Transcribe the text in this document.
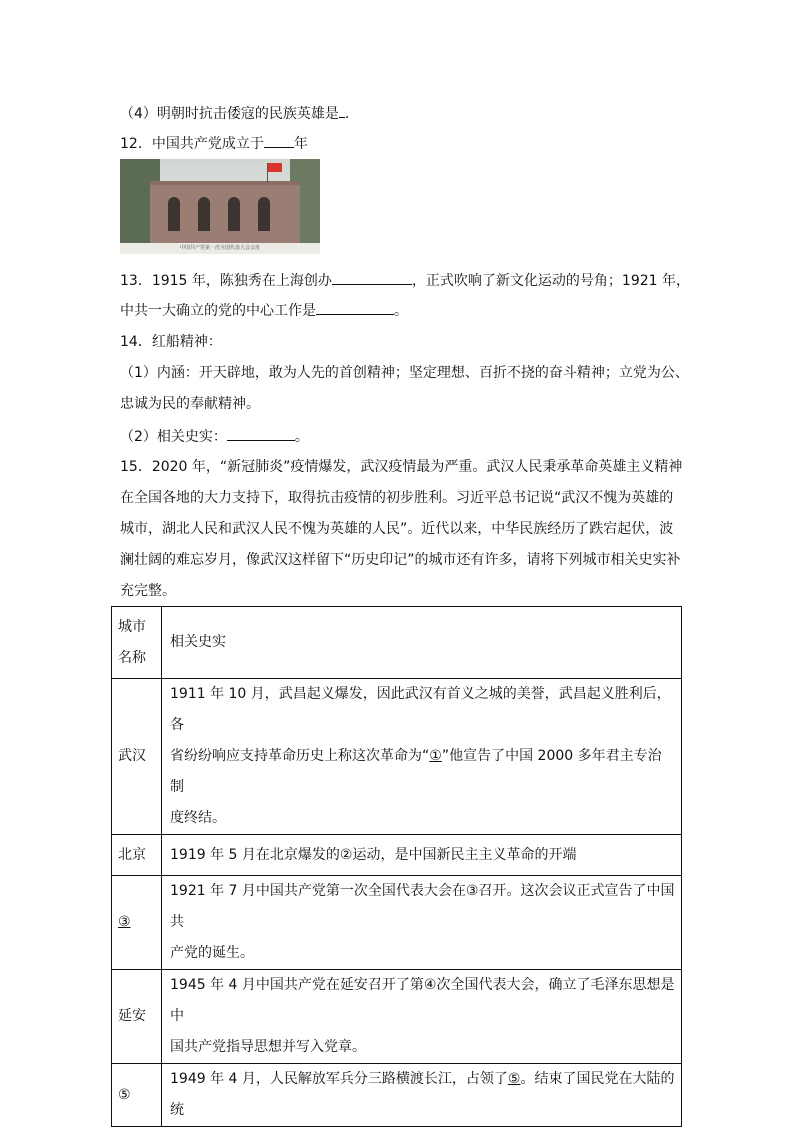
（4）明朝时抗击倭寇的民族英雄是 .
12．中国共产党成立于 年
中国共产党第一次全国代表大会会址
13．1915 年，陈独秀在上海创办	，正式吹响了新文化运动的号角；1921 年，
中共一大确立的党的中心工作是	。
14．红船精神：
（1）内涵：开天辟地，敢为人先的首创精神；坚定理想、百折不挠的奋斗精神；立党为公、
忠诚为民的奉献精神。
（2）相关史实：	。
15．2020 年，“新冠肺炎”疫情爆发，武汉疫情最为严重。武汉人民秉承革命英雄主义精神
在全国各地的大力支持下，取得抗击疫情的初步胜利。习近平总书记说“武汉不愧为英雄的
城市，湖北人民和武汉人民不愧为英雄的人民”。近代以来，中华民族经历了跌宕起伏，波
澜壮阔的难忘岁月，像武汉这样留下“历史印记”的城市还有许多，请将下列城市相关史实补
充完整。
城市
名称	相关史实
武汉	1911 年 10 月，武昌起义爆发，因此武汉有首义之城的美誉，武昌起义胜利后，各
省纷纷响应支持革命历史上称这次革命为“①”他宣告了中国 2000 多年君主专治制
度终结。

北京	1919 年 5 月在北京爆发的②运动，是中国新民主主义革命的开端
③	1921 年 7 月中国共产党第一次全国代表大会在③召开。这次会议正式宣告了中国共
产党的诞生。

延安	1945 年 4 月中国共产党在延安召开了第④次全国代表大会，确立了毛泽东思想是中
国共产党指导思想并写入党章。

⑤	1949 年 4 月，人民解放军兵分三路横渡长江，占领了⑤。结束了国民党在大陆的统
